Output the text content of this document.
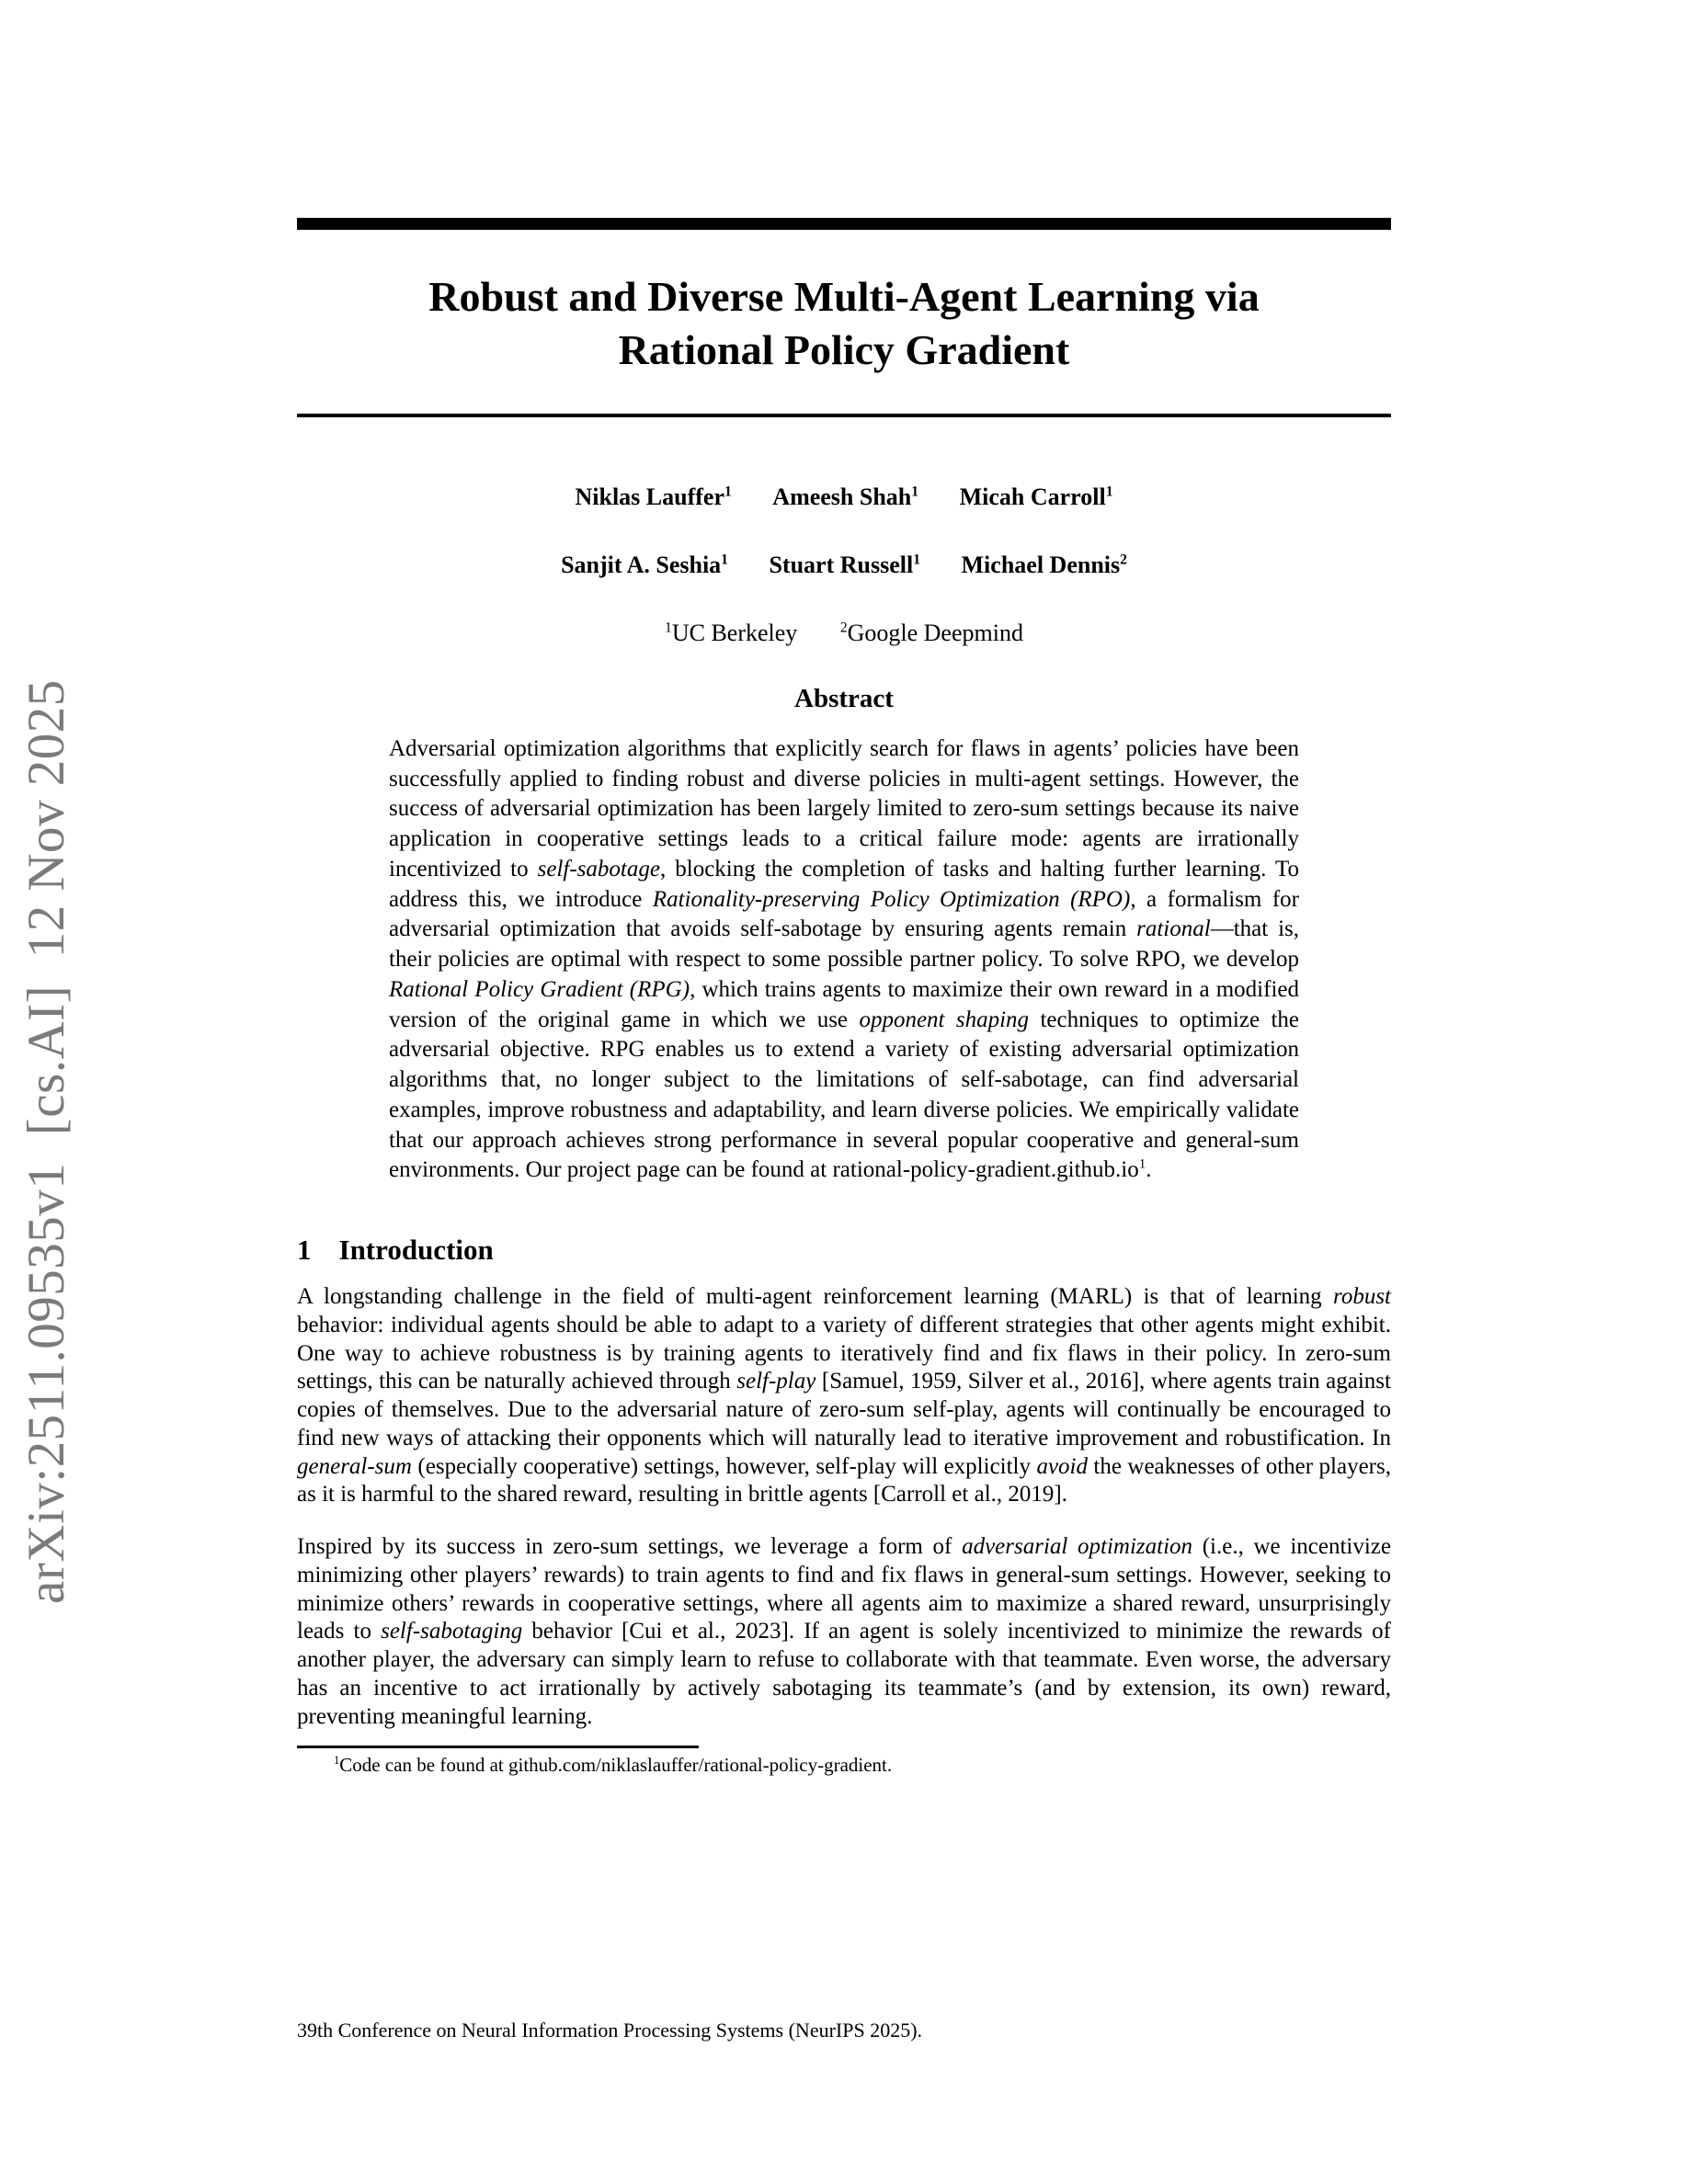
arXiv:2511.09535v1  [cs.AI]  12 Nov 2025
Robust and Diverse Multi-Agent Learning via
Rational Policy Gradient
Niklas Lauffer$^1$ Ameesh Shah$^1$ Micah Carroll$^1$
Sanjit A. Seshia$^1$ Stuart Russell$^1$ Michael Dennis$^2$
$^1$UC Berkeley	$^2$Google Deepmind
Abstract

Adversarial optimization algorithms that explicitly search for flaws in agents’ policies have been successfully applied to finding robust and diverse policies in multi-agent settings. However, the success of adversarial optimization has been largely limited to zero-sum settings because its naive application in cooperative settings leads to a critical failure mode: agents are irrationally incentivized to self-sabotage, blocking the completion of tasks and halting further learning. To address this, we introduce Rationality-preserving Policy Optimization (RPO), a formalism for adversarial optimization that avoids self-sabotage by ensuring agents remain rational—that is, their policies are optimal with respect to some possible partner policy. To solve RPO, we develop Rational Policy Gradient (RPG), which trains agents to maximize their own reward in a modified version of the original game in which we use opponent shaping techniques to optimize the adversarial objective. RPG enables us to extend a variety of existing adversarial optimization algorithms that, no longer subject to the limitations of self-sabotage, can find adversarial examples, improve robustness and adaptability, and learn diverse policies. We empirically validate that our approach achieves strong performance in several popular cooperative and general-sum environments. Our project page can be found at rational-$policy-gradient.github.io^1$.

1 Introduction

A longstanding challenge in the field of multi-agent reinforcement learning (MARL) is that of learning robust behavior: individual agents should be able to adapt to a variety of different strategies that other agents might exhibit. One way to achieve robustness is by training agents to iteratively find and fix flaws in their policy. In zero-sum settings, this can be naturally achieved through self-play [Samuel, 1959, Silver et al., 2016], where agents train against copies of themselves. Due to the adversarial nature of zero-sum self-play, agents will continually be encouraged to find new ways of attacking their opponents which will naturally lead to iterative improvement and robustification. In general-sum (especially cooperative) settings, however, self-play will explicitly avoid the weaknesses of other players, as it is harmful to the shared reward, resulting in brittle agents [Carroll et al., 2019].

Inspired by its success in zero-sum settings, we leverage a form of adversarial optimization (i.e., we incentivize minimizing other players’ rewards) to train agents to find and fix flaws in general-sum settings. However, seeking to minimize others’ rewards in cooperative settings, where all agents aim to maximize a shared reward, unsurprisingly leads to self-sabotaging behavior [Cui et al., 2023]. If an agent is solely incentivized to minimize the rewards of another player, the adversary can simply learn to refuse to collaborate with that teammate. Even worse, the adversary has an incentive to act irrationally by actively sabotaging its teammate’s (and by extension, its own) reward, preventing meaningful learning.

$^1$Code can be found at github.com/niklaslauffer/rational-policy-gradient.

39th Conference on Neural Information Processing Systems (NeurIPS 2025).
